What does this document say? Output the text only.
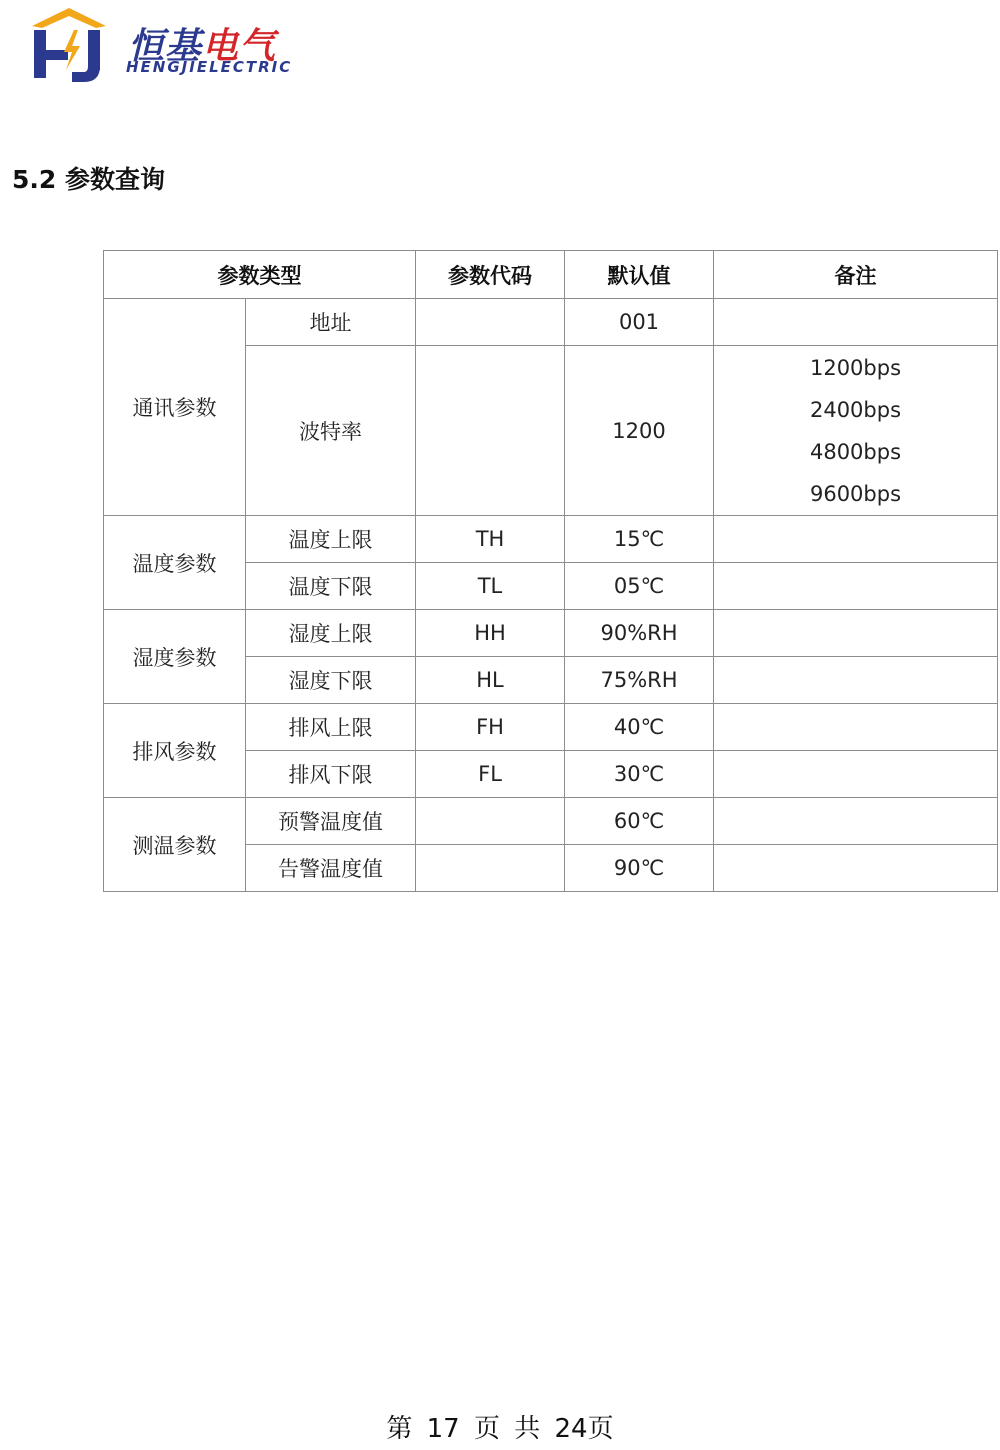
恒基电气
HENGJIELECTRIC
5.2 参数查询
参数类型		参数代码	默认值	备注
通讯参数	地址		001	
	波特率		1200	1200bps
2400bps
4800bps
9600bps

温度参数	温度上限	TH	15℃	
	温度下限	TL	05℃	
湿度参数	湿度上限	HH	90%RH	
	湿度下限	HL	75%RH	
排风参数	排风上限	FH	40℃	
	排风下限	FL	30℃	
测温参数	预警温度值		60℃	
	告警温度值		90℃	
第 17 页 共 24页
